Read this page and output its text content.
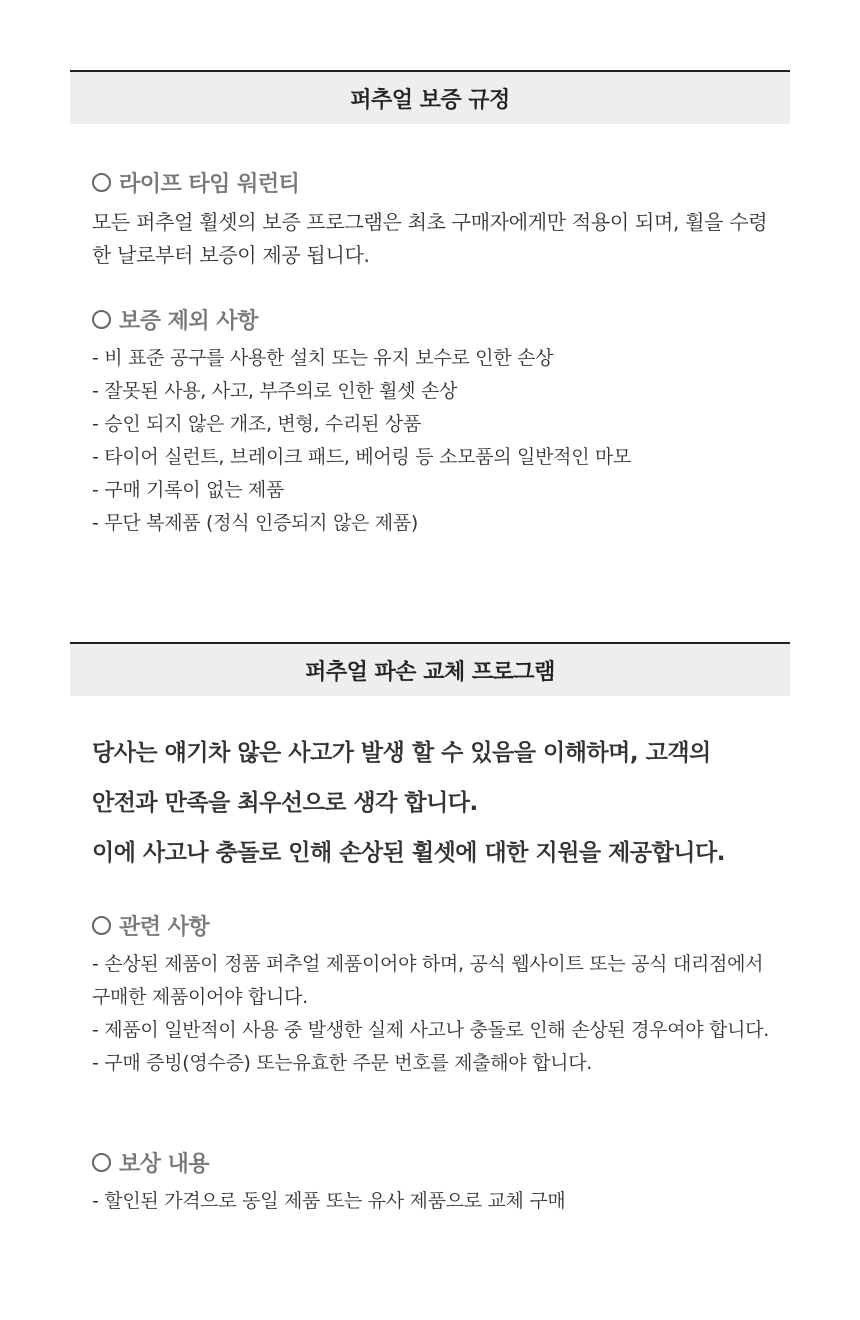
퍼추얼 보증 규정
라이프 타임 워런티

모든 퍼추얼 휠셋의 보증 프로그램은 최초 구매자에게만 적용이 되며, 휠을 수령한 날로부터 보증이 제공 됩니다.

보증 제외 사항
- 비 표준 공구를 사용한 설치 또는 유지 보수로 인한 손상
- 잘못된 사용, 사고, 부주의로 인한 휠셋 손상
- 승인 되지 않은 개조, 변형, 수리된 상품
- 타이어 실런트, 브레이크 패드, 베어링 등 소모품의 일반적인 마모
- 구매 기록이 없는 제품
- 무단 복제품 (정식 인증되지 않은 제품)
퍼추얼 파손 교체 프로그램
당사는 얘기차 않은 사고가 발생 할 수 있음을 이해하며, 고객의
안전과 만족을 최우선으로 생각 합니다.
이에 사고나 충돌로 인해 손상된 휠셋에 대한 지원을 제공합니다.
관련 사항
- 손상된 제품이 정품 퍼추얼 제품이어야 하며, 공식 웹사이트 또는 공식 대리점에서 구매한 제품이어야 합니다.
- 제품이 일반적이 사용 중 발생한 실제 사고나 충돌로 인해 손상된 경우여야 합니다.
- 구매 증빙(영수증) 또는유효한 주문 번호를 제출해야 합니다.
보상 내용
- 할인된 가격으로 동일 제품 또는 유사 제품으로 교체 구매
